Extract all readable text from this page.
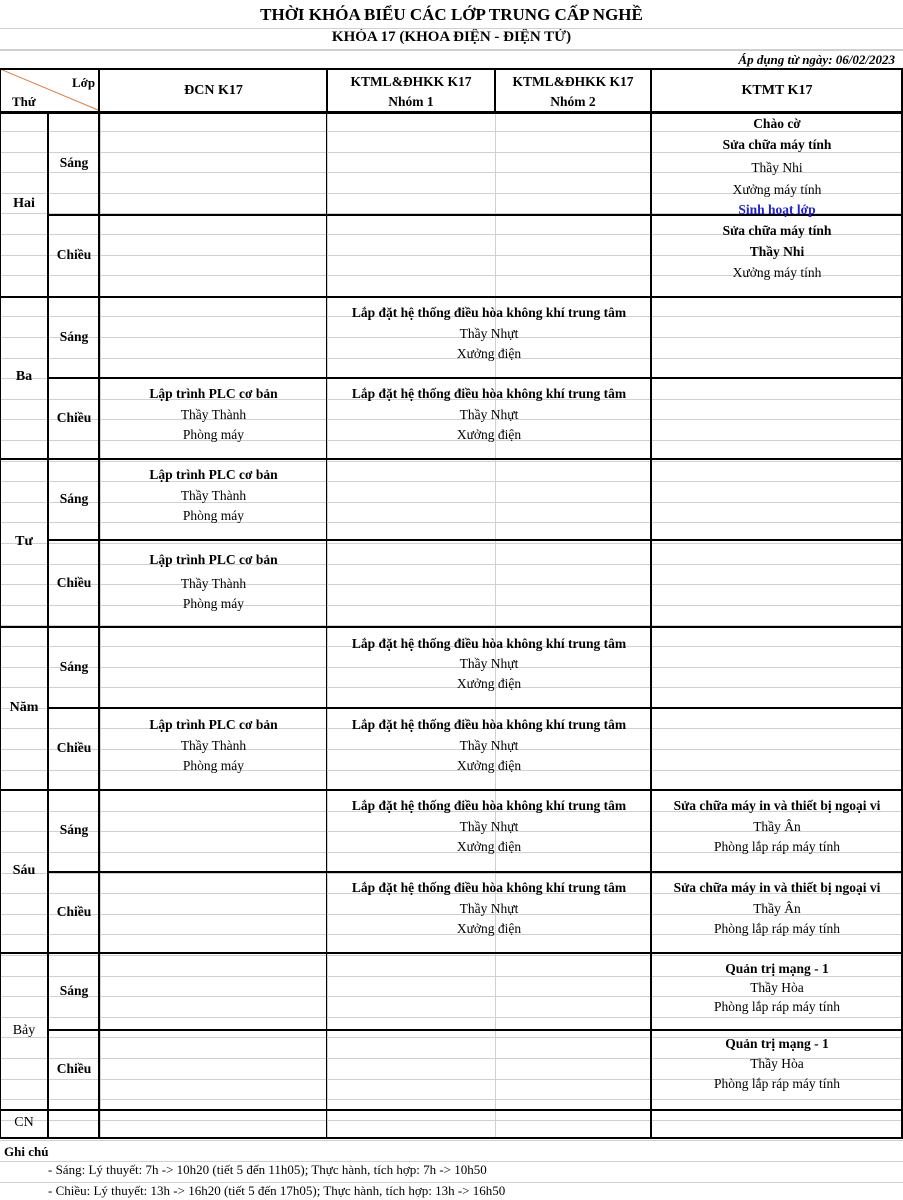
THỜI KHÓA BIỂU CÁC LỚP TRUNG CẤP NGHỀ
KHÓA 17 (KHOA ĐIỆN - ĐIỆN TỬ)
Áp dụng từ ngày: 06/02/2023
Lớp
Thứ
ĐCN K17
KTML&ĐHKK K17
Nhóm 1
KTML&ĐHKK K17
Nhóm 2
KTMT K17
Hai
Sáng
Chào cờ
Sửa chữa máy tính
Thầy Nhi
Xưởng máy tính
Sinh hoạt lớp
Chiều
Sửa chữa máy tính
Thầy Nhi
Xưởng máy tính
Ba
Sáng
Lắp đặt hệ thống điều hòa không khí trung tâm
Thầy Nhựt
Xưởng điện
Chiều
Lập trình PLC cơ bản
Thầy Thành
Phòng máy
Lắp đặt hệ thống điều hòa không khí trung tâm
Thầy Nhựt
Xưởng điện
Tư
Sáng
Lập trình PLC cơ bản
Thầy Thành
Phòng máy
Chiều
Lập trình PLC cơ bản
Thầy Thành
Phòng máy
Năm
Sáng
Lắp đặt hệ thống điều hòa không khí trung tâm
Thầy Nhựt
Xưởng điện
Chiều
Lập trình PLC cơ bản
Thầy Thành
Phòng máy
Lắp đặt hệ thống điều hòa không khí trung tâm
Thầy Nhựt
Xưởng điện
Sáu
Sáng
Lắp đặt hệ thống điều hòa không khí trung tâm
Thầy Nhựt
Xưởng điện
Sửa chữa máy in và thiết bị ngoại vi
Thầy Ân
Phòng lắp ráp máy tính
Chiều
Lắp đặt hệ thống điều hòa không khí trung tâm
Thầy Nhựt
Xưởng điện
Sửa chữa máy in và thiết bị ngoại vi
Thầy Ân
Phòng lắp ráp máy tính
Bảy
Sáng
Quản trị mạng - 1
Thầy Hòa
Phòng lắp ráp máy tính
Chiều
Quản trị mạng - 1
Thầy Hòa
Phòng lắp ráp máy tính
CN
Ghi chú
- Sáng: Lý thuyết: 7h -> 10h20 (tiết 5 đến 11h05); Thực hành, tích hợp: 7h -> 10h50
- Chiều: Lý thuyết: 13h -> 16h20 (tiết 5 đến 17h05); Thực hành, tích hợp: 13h -> 16h50
